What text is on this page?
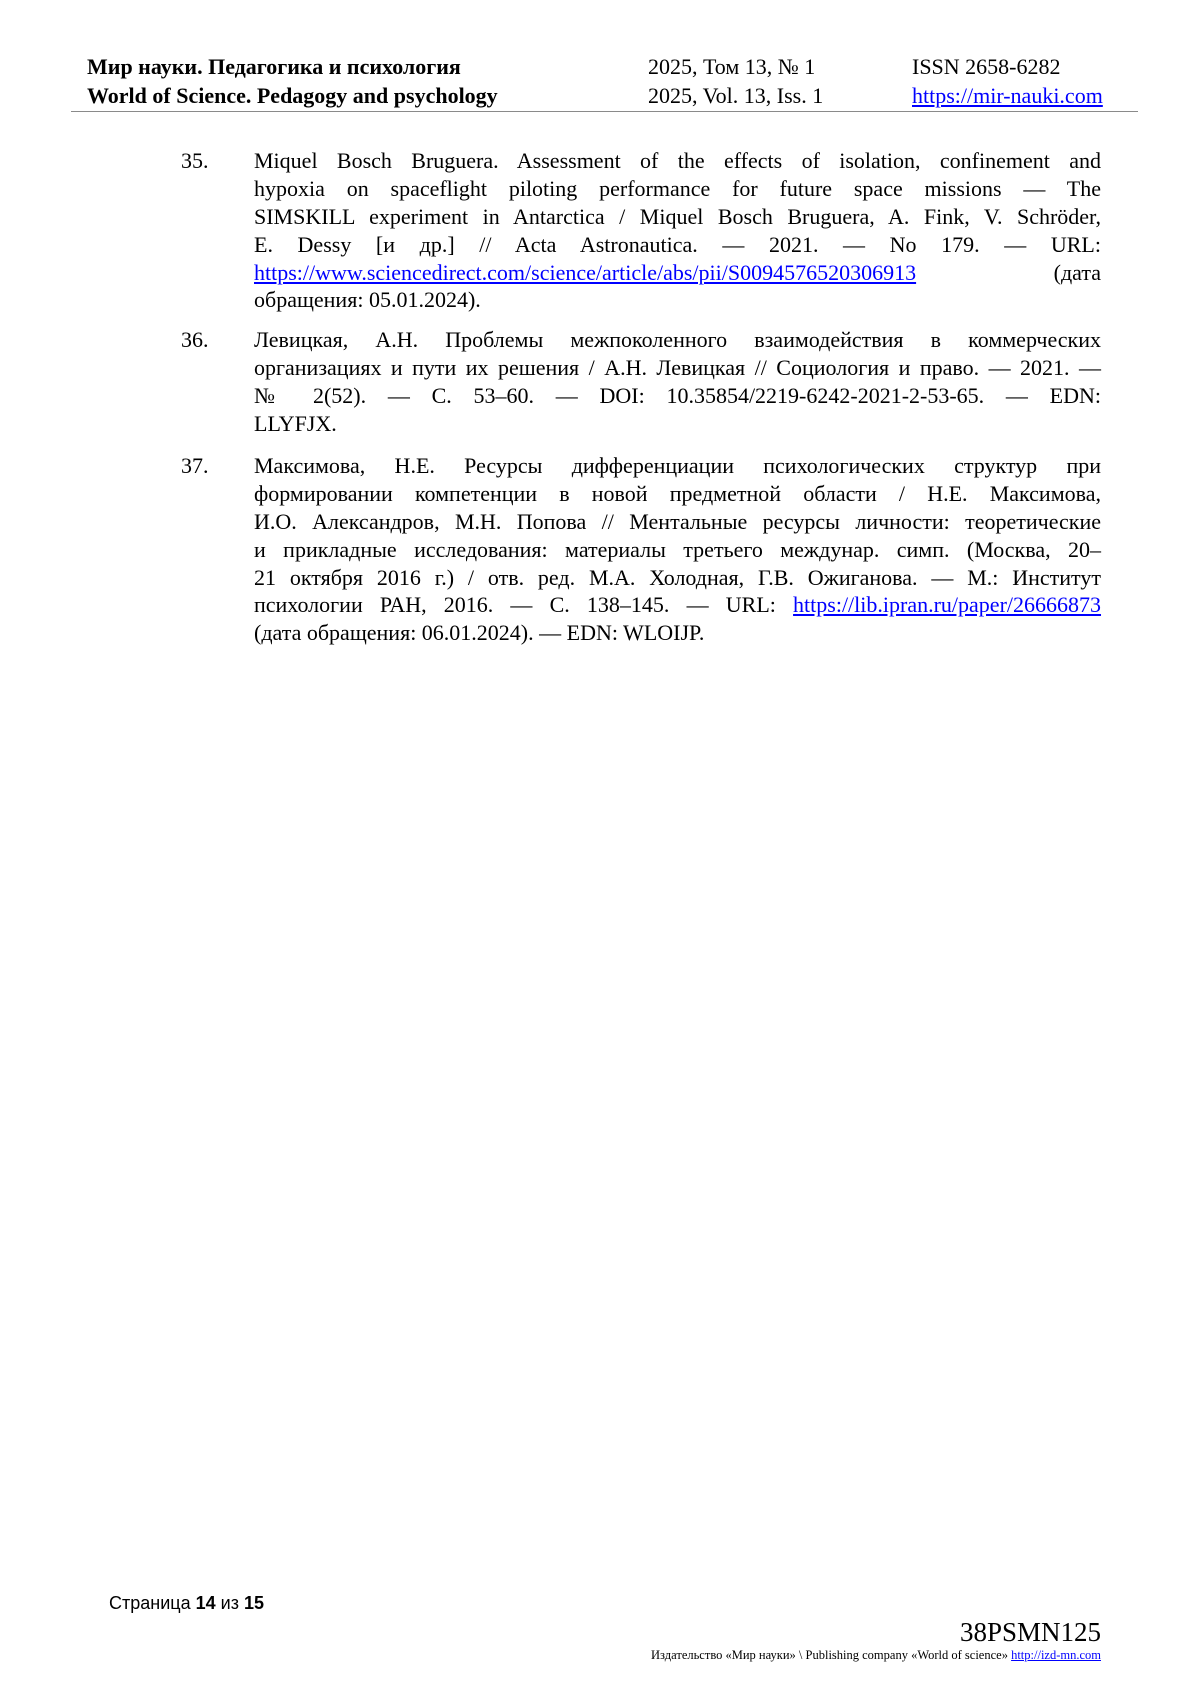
Мир науки. Педагогика и психология
World of Science. Pedagogy and psychology
2025, Том 13, № 1
2025, Vol. 13, Iss. 1
ISSN 2658-6282
https://mir-nauki.com
35. Miquel Bosch Bruguera. Assessment of the effects of isolation, confinement and
hypoxia on spaceflight piloting performance for future space missions — The
SIMSKILL experiment in Antarctica / Miquel Bosch Bruguera, A. Fink, V. Schröder,
E. Dessy [и др.] // Acta Astronautica. — 2021. — No 179. — URL:
https://www.sciencedirect.com/science/article/abs/pii/S0094576520306913	(дата
обращения: 05.01.2024).
36. Левицкая, А.Н. Проблемы межпоколенного взаимодействия в коммерческих
организациях и пути их решения / А.Н. Левицкая // Социология и право. — 2021. —
№ 2(52). — С. 53–60. — DOI: 10.35854/2219-6242-2021-2-53-65. — EDN:
LLYFJX.
37. Максимова, Н.Е. Ресурсы дифференциации психологических структур при
формировании компетенции в новой предметной области / Н.Е. Максимова,
И.О. Александров, М.Н. Попова // Ментальные ресурсы личности: теоретические
и прикладные исследования: материалы третьего междунар. симп. (Москва, 20–
21 октября 2016 г.) / отв. ред. М.А. Холодная, Г.В. Ожиганова. — М.: Институт
психологии РАН, 2016. — С. 138–145. — URL: https://lib.ipran.ru/paper/26666873
(дата обращения: 06.01.2024). — EDN: WLOIJP.
Страница 14 из 15
38PSMN125
Издательство «Мир науки» \ Publishing company «World of science» http://izd-mn.com
